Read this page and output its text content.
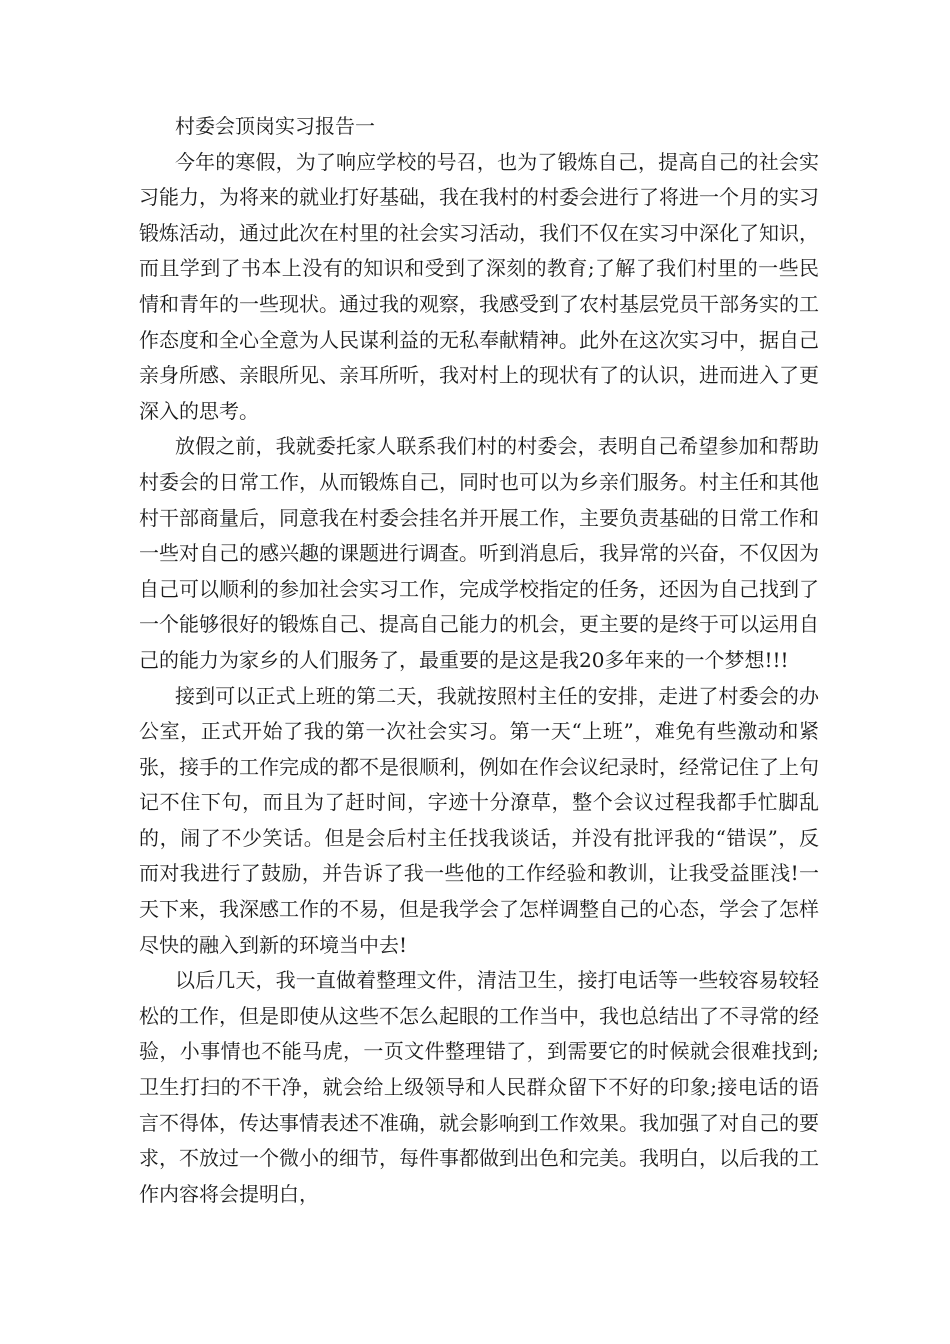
村委会顶岗实习报告一

今年的寒假，为了响应学校的号召，也为了锻炼自己，提高自己的社会实习能力，为将来的就业打好基础，我在我村的村委会进行了将进一个月的实习锻炼活动，通过此次在村里的社会实习活动，我们不仅在实习中深化了知识，而且学到了书本上没有的知识和受到了深刻的教育;了解了我们村里的一些民情和青年的一些现状。通过我的观察，我感受到了农村基层党员干部务实的工作态度和全心全意为人民谋利益的无私奉献精神。此外在这次实习中，据自己亲身所感、亲眼所见、亲耳所听，我对村上的现状有了的认识，进而进入了更深入的思考。

放假之前，我就委托家人联系我们村的村委会，表明自己希望参加和帮助村委会的日常工作，从而锻炼自己，同时也可以为乡亲们服务。村主任和其他村干部商量后，同意我在村委会挂名并开展工作，主要负责基础的日常工作和一些对自己的感兴趣的课题进行调查。听到消息后，我异常的兴奋，不仅因为自己可以顺利的参加社会实习工作，完成学校指定的任务，还因为自己找到了一个能够很好的锻炼自己、提高自己能力的机会，更主要的是终于可以运用自己的能力为家乡的人们服务了，最重要的是这是我20多年来的一个梦想!!!

接到可以正式上班的第二天，我就按照村主任的安排，走进了村委会的办公室，正式开始了我的第一次社会实习。第一天“上班”，难免有些激动和紧张，接手的工作完成的都不是很顺利，例如在作会议纪录时，经常记住了上句记不住下句，而且为了赶时间，字迹十分潦草，整个会议过程我都手忙脚乱的，闹了不少笑话。但是会后村主任找我谈话，并没有批评我的“错误”，反而对我进行了鼓励，并告诉了我一些他的工作经验和教训，让我受益匪浅!一天下来，我深感工作的不易，但是我学会了怎样调整自己的心态，学会了怎样尽快的融入到新的环境当中去!

以后几天，我一直做着整理文件，清洁卫生，接打电话等一些较容易较轻松的工作，但是即使从这些不怎么起眼的工作当中，我也总结出了不寻常的经验，小事情也不能马虎，一页文件整理错了，到需要它的时候就会很难找到;卫生打扫的不干净，就会给上级领导和人民群众留下不好的印象;接电话的语言不得体，传达事情表述不准确，就会影响到工作效果。我加强了对自己的要求，不放过一个微小的细节，每件事都做到出色和完美。我明白，以后我的工作内容将会提明白，
